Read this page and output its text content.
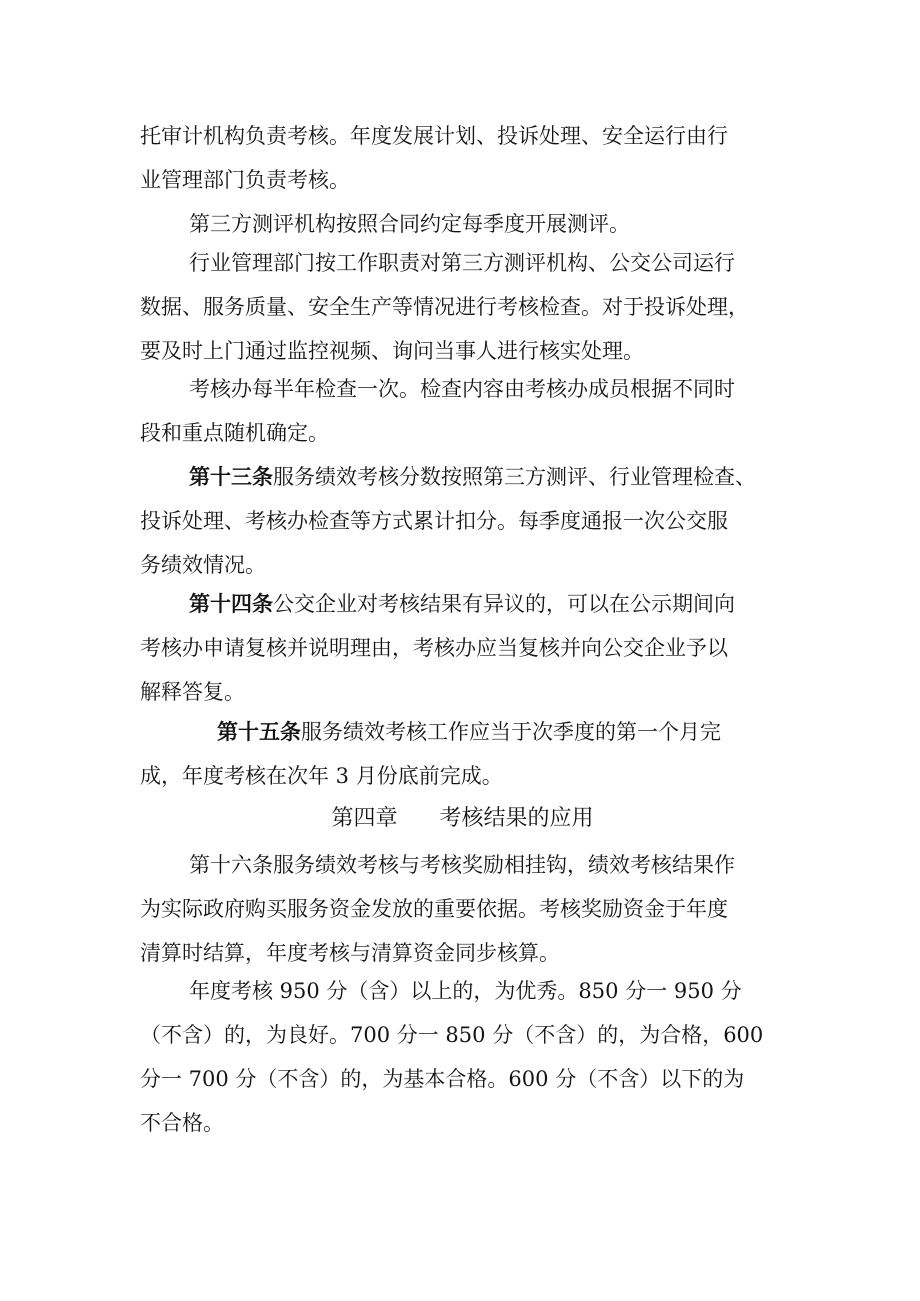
托审计机构负责考核。年度发展计划、投诉处理、安全运行由行
业管理部门负责考核。
第三方测评机构按照合同约定每季度开展测评。
行业管理部门按工作职责对第三方测评机构、公交公司运行
数据、服务质量、安全生产等情况进行考核检查。对于投诉处理，
要及时上门通过监控视频、询问当事人进行核实处理。
考核办每半年检查一次。检查内容由考核办成员根据不同时
段和重点随机确定。
第十三条服务绩效考核分数按照第三方测评、行业管理检查、
投诉处理、考核办检查等方式累计扣分。每季度通报一次公交服
务绩效情况。
第十四条公交企业对考核结果有异议的，可以在公示期间向
考核办申请复核并说明理由，考核办应当复核并向公交企业予以
解释答复。
第十五条服务绩效考核工作应当于次季度的第一个月完
成，年度考核在次年 3 月份底前完成。
第四章 考核结果的应用
第十六条服务绩效考核与考核奖励相挂钩，绩效考核结果作
为实际政府购买服务资金发放的重要依据。考核奖励资金于年度
清算时结算，年度考核与清算资金同步核算。
年度考核 950 分（含）以上的，为优秀。850 分一 950 分
（不含）的，为良好。700 分一 850 分（不含）的，为合格，600
分一 700 分（不含）的，为基本合格。600 分（不含）以下的为
不合格。
